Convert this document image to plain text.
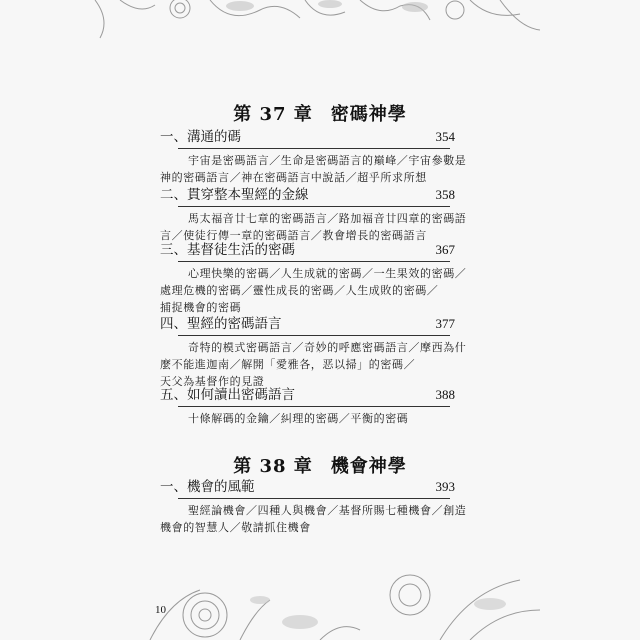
第 37 章 密碼神學
一、溝通的碼	354
宇宙是密碼語言／生命是密碼語言的巔峰／宇宙參數是
神的密碼語言／神在密碼語言中說話／超乎所求所想
二、貫穿整本聖經的金線	358
馬太福音廿七章的密碼語言／路加福音廿四章的密碼語
言／使徒行傳一章的密碼語言／教會增長的密碼語言
三、基督徒生活的密碼	367
心理快樂的密碼／人生成就的密碼／一生果效的密碼／
處理危機的密碼／靈性成長的密碼／人生成敗的密碼／
捕捉機會的密碼
四、聖經的密碼語言	377
奇特的模式密碼語言／奇妙的呼應密碼語言／摩西為什
麼不能進迦南／解開「愛雅各，恶以掃」的密碼／
天父為基督作的見證
五、如何讀出密碼語言	388
十條解碼的金鑰／糾理的密碼／平衡的密碼
第 38 章 機會神學
一、機會的風範	393
聖經論機會／四種人與機會／基督所賜七種機會／創造
機會的智慧人／敬請抓住機會
10
